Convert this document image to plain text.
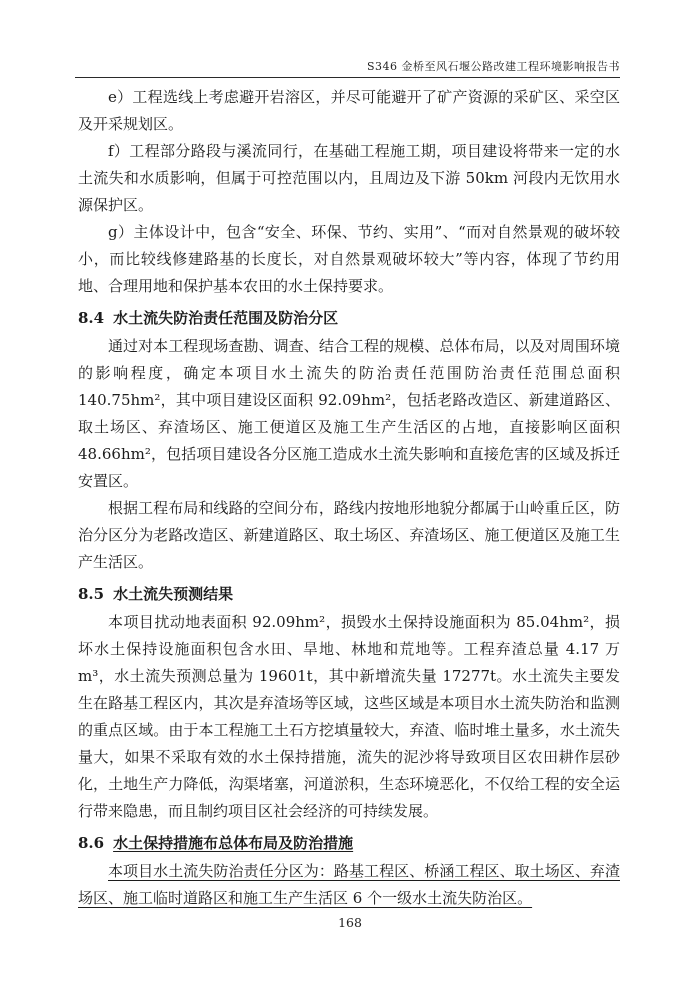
S346 金桥至风石堰公路改建工程环境影响报告书

e）工程选线上考虑避开岩溶区，并尽可能避开了矿产资源的采矿区、采空区及开采规划区。

f）工程部分路段与溪流同行，在基础工程施工期，项目建设将带来一定的水土流失和水质影响，但属于可控范围以内，且周边及下游 50km 河段内无饮用水源保护区。

g）主体设计中，包含“安全、环保、节约、实用”、“而对自然景观的破坏较小，而比较线修建路基的长度长，对自然景观破坏较大”等内容，体现了节约用地、合理用地和保护基本农田的水土保持要求。

8.4 水土流失防治责任范围及防治分区

通过对本工程现场查勘、调查、结合工程的规模、总体布局，以及对周围环境的影响程度，确定本项目水土流失的防治责任范围防治责任范围总面积 140.75hm²，其中项目建设区面积 92.09hm²，包括老路改造区、新建道路区、取土场区、弃渣场区、施工便道区及施工生产生活区的占地，直接影响区面积 48.66hm²，包括项目建设各分区施工造成水土流失影响和直接危害的区域及拆迁安置区。

根据工程布局和线路的空间分布，路线内按地形地貌分都属于山岭重丘区，防治分区分为老路改造区、新建道路区、取土场区、弃渣场区、施工便道区及施工生产生活区。

8.5 水土流失预测结果

本项目扰动地表面积 92.09hm²，损毁水土保持设施面积为 85.04hm²，损坏水土保持设施面积包含水田、旱地、林地和荒地等。工程弃渣总量 4.17 万 m³，水土流失预测总量为 19601t，其中新增流失量 17277t。水土流失主要发生在路基工程区内，其次是弃渣场等区域，这些区域是本项目水土流失防治和监测的重点区域。由于本工程施工土石方挖填量较大，弃渣、临时堆土量多，水土流失量大，如果不采取有效的水土保持措施，流失的泥沙将导致项目区农田耕作层砂化，土地生产力降低，沟渠堵塞，河道淤积，生态环境恶化，不仅给工程的安全运行带来隐患，而且制约项目区社会经济的可持续发展。

8.6 水土保持措施布总体布局及防治措施

本项目水土流失防治责任分区为：路基工程区、桥涵工程区、取土场区、弃渣场区、施工临时道路区和施工生产生活区 6 个一级水土流失防治区。

168
